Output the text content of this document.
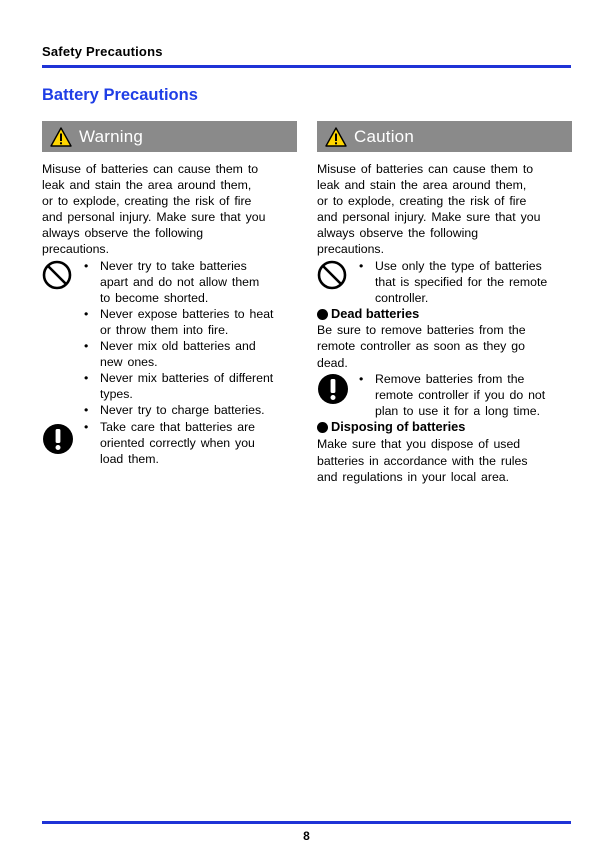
Safety Precautions
Battery Precautions
Warning
Misuse of batteries can cause them to
leak and stain the area around them,
or to explode, creating the risk of fire
and personal injury. Make sure that you
always observe the following
precautions.
• Never try to take batteries
apart and do not allow them
to become shorted.
• Never expose batteries to heat
or throw them into fire.
• Never mix old batteries and
new ones.
• Never mix batteries of different
types.
• Never try to charge batteries.
• Take care that batteries are
oriented correctly when you
load them.
Caution
Misuse of batteries can cause them to
leak and stain the area around them,
or to explode, creating the risk of fire
and personal injury. Make sure that you
always observe the following
precautions.
• Use only the type of batteries
that is specified for the remote
controller.
Dead batteries
Be sure to remove batteries from the
remote controller as soon as they go
dead.
• Remove batteries from the
remote controller if you do not
plan to use it for a long time.
Disposing of batteries
Make sure that you dispose of used
batteries in accordance with the rules
and regulations in your local area.
8
